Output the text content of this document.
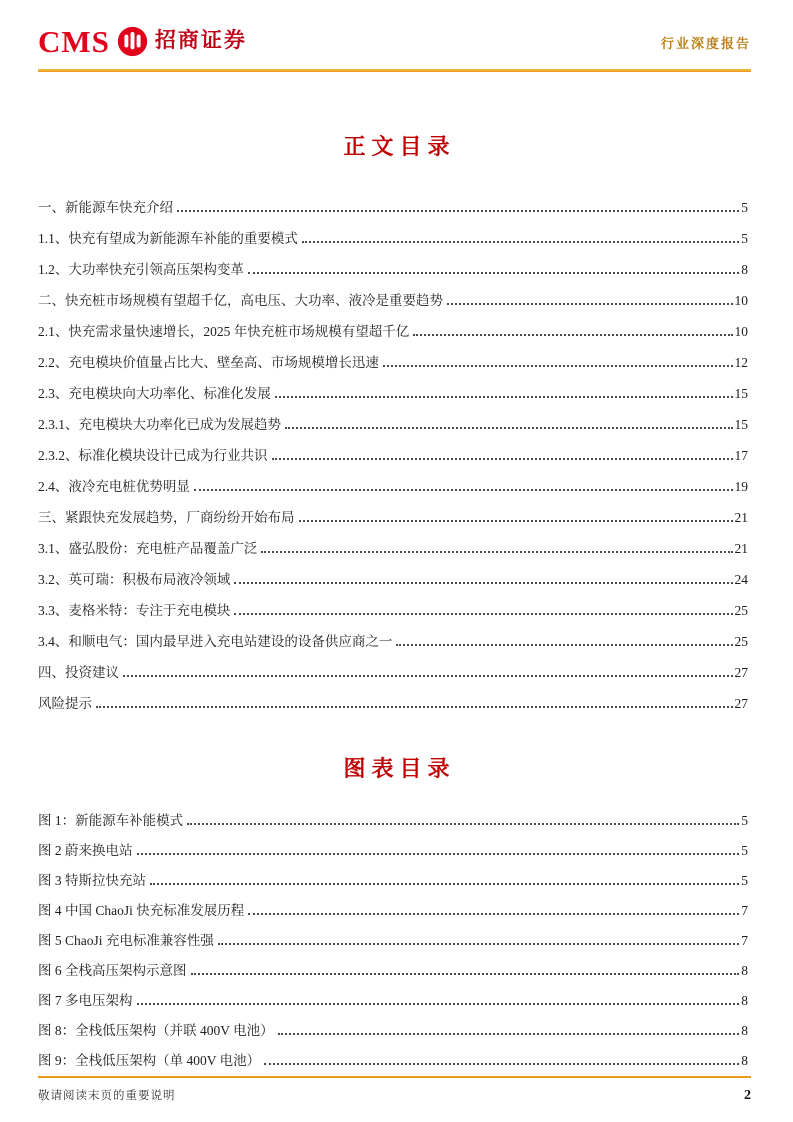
CMS 招商证券	行业深度报告
正文目录
一、新能源车快充介绍	5
1.1、快充有望成为新能源车补能的重要模式	5
1.2、大功率快充引领高压架构变革	8
二、快充桩市场规模有望超千亿，高电压、大功率、液冷是重要趋势	10
2.1、快充需求量快速增长，2025 年快充桩市场规模有望超千亿	10
2.2、充电模块价值量占比大、壁垒高、市场规模增长迅速	12
2.3、充电模块向大功率化、标准化发展	15
2.3.1、充电模块大功率化已成为发展趋势	15
2.3.2、标准化模块设计已成为行业共识	17
2.4、液冷充电桩优势明显	19
三、紧跟快充发展趋势，厂商纷纷开始布局	21
3.1、盛弘股份：充电桩产品覆盖广泛	21
3.2、英可瑞：积极布局液冷领域	24
3.3、麦格米特：专注于充电模块	25
3.4、和顺电气：国内最早进入充电站建设的设备供应商之一	25
四、投资建议	27
风险提示	27
图表目录
图 1：新能源车补能模式	5
图 2 蔚来换电站	5
图 3 特斯拉快充站	5
图 4 中国 ChaoJi 快充标准发展历程	7
图 5 ChaoJi 充电标准兼容性强	7
图 6 全栈高压架构示意图	8
图 7 多电压架构	8
图 8：全栈低压架构（并联 400V 电池）	8
图 9：全栈低压架构（单 400V 电池）	8
敬请阅读末页的重要说明	2
